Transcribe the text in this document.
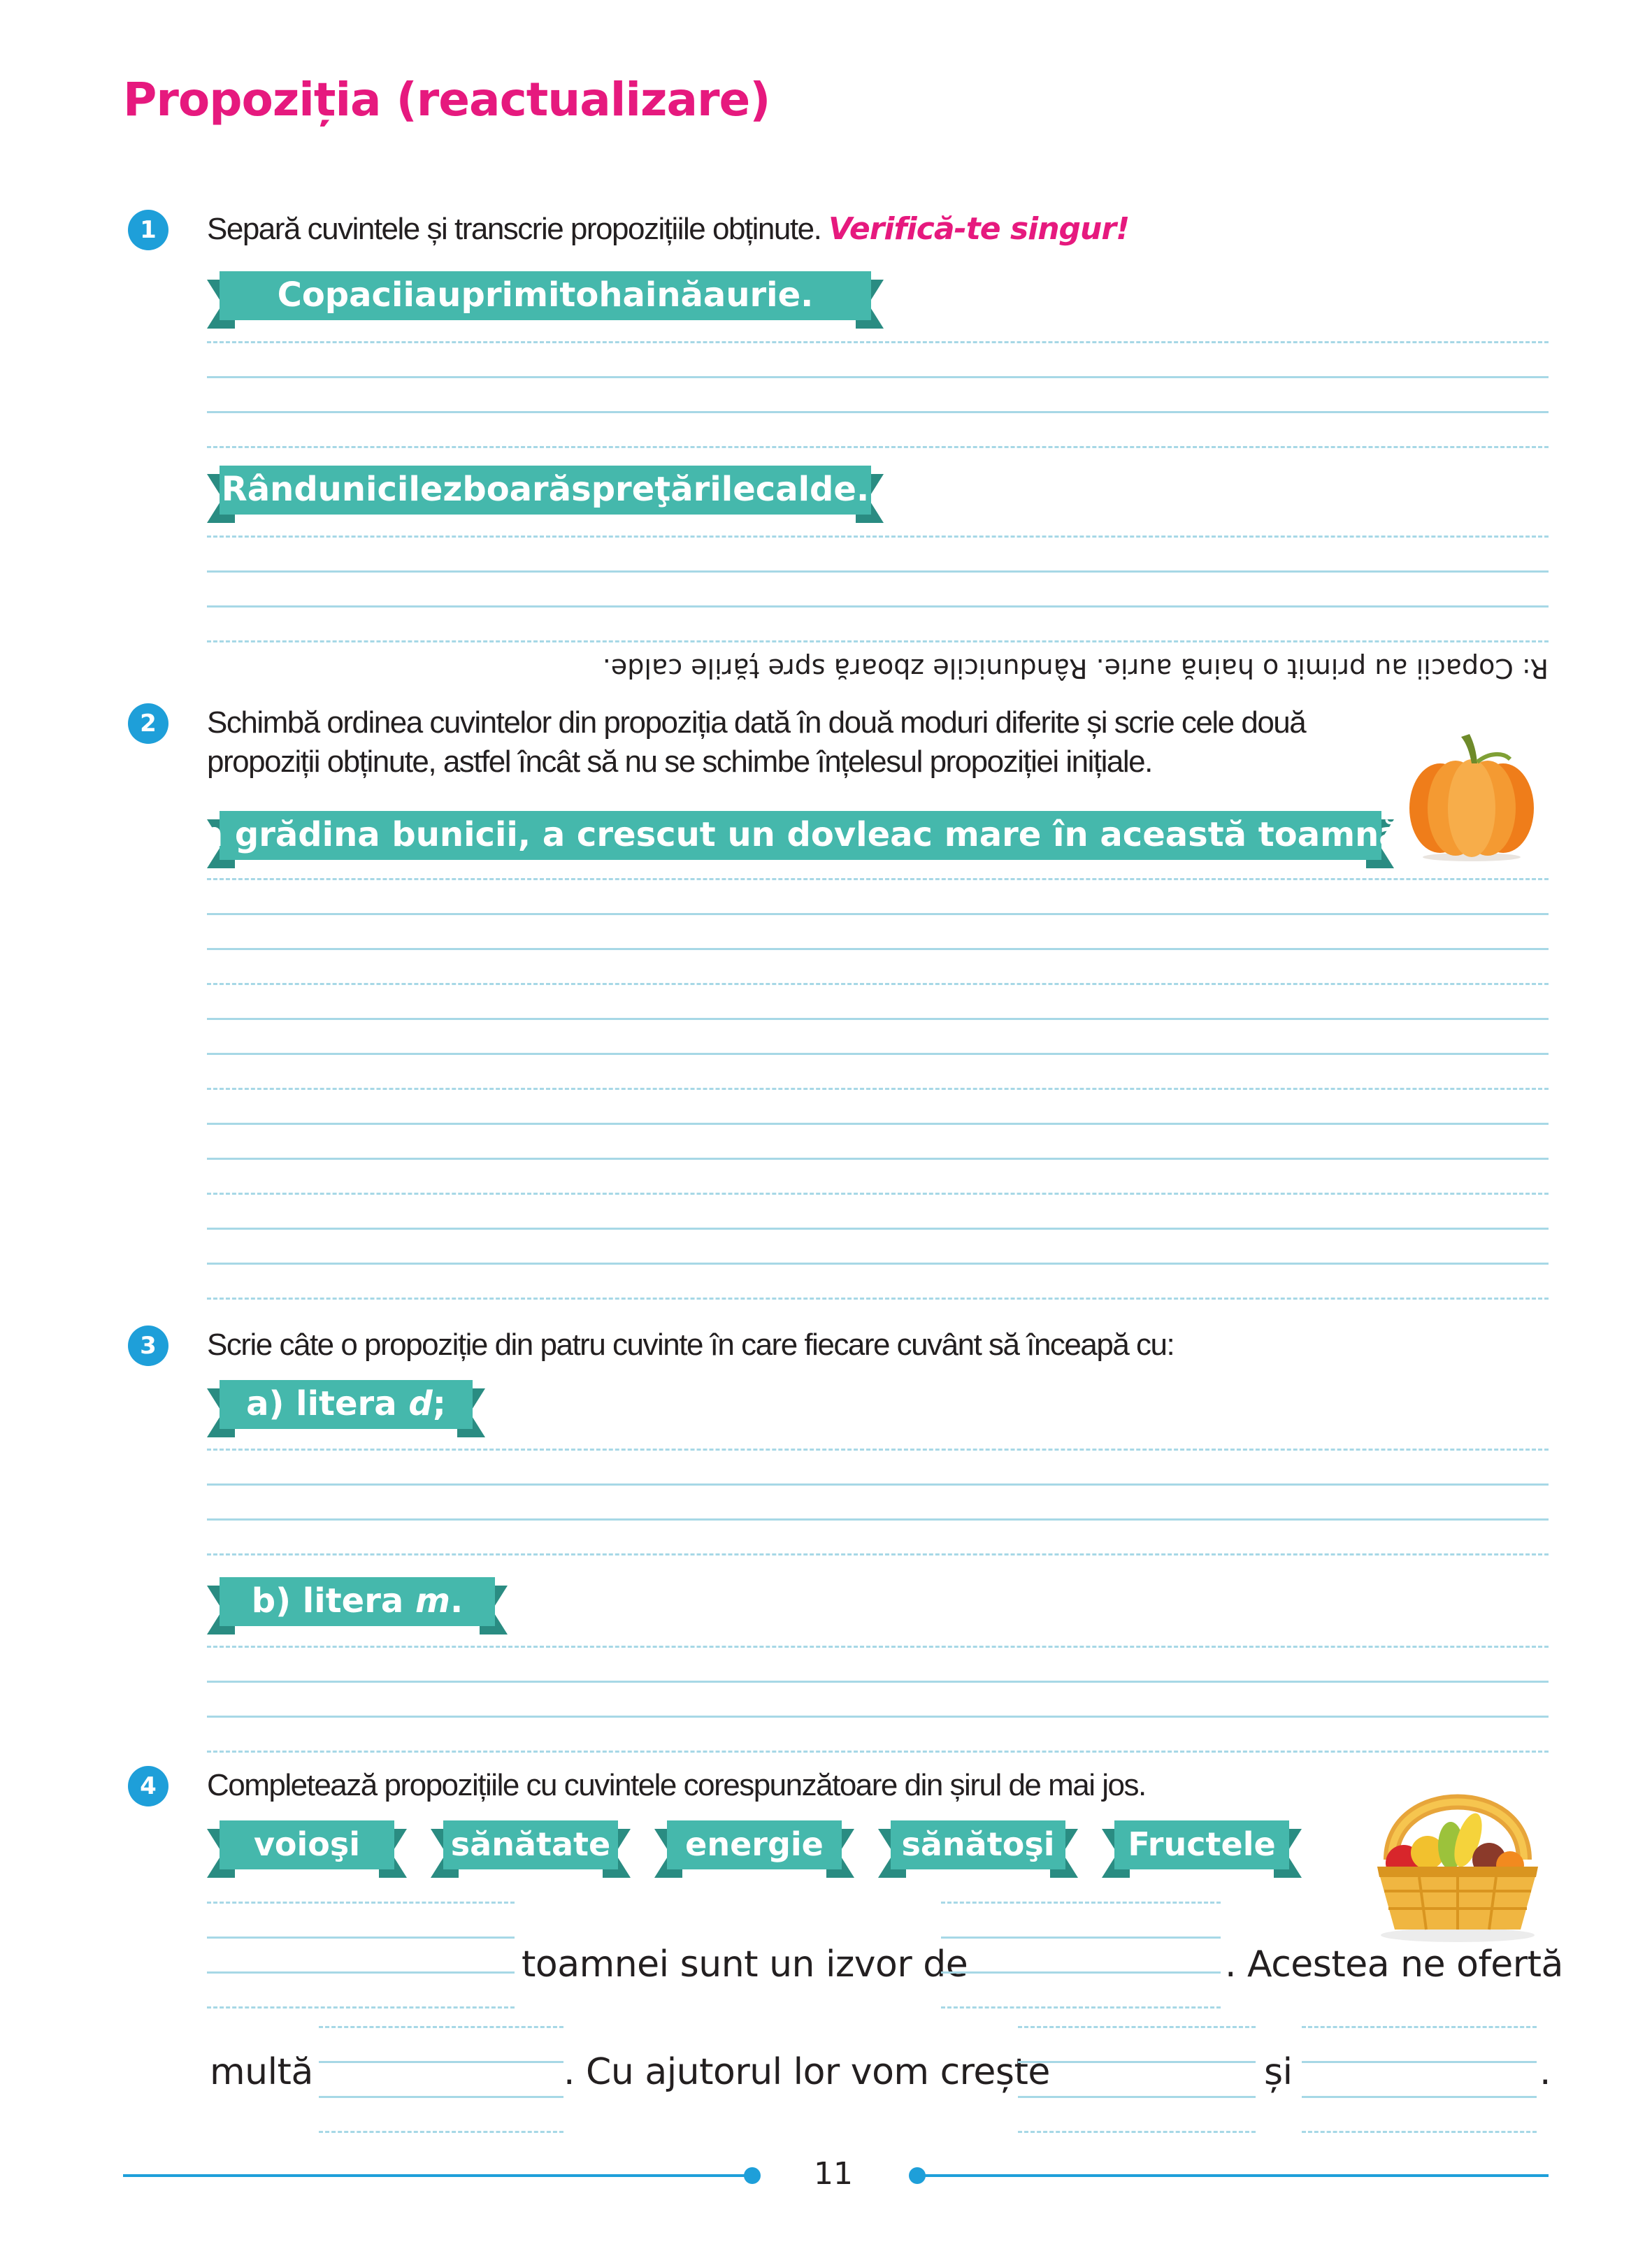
Propoziția (reactualizare)
1	Separă cuvintele și transcrie propozițiile obținute. Verifică-te singur!
Copaciiauprimitohainăaurie.
Rândunicilezboarăspreţărilecalde.
R: Copacii au primit o haină aurie. Rândunicile zboară spre țările calde.
2	Schimbă ordinea cuvintelor din propoziția dată în două moduri diferite și scrie cele două
propoziții obținute, astfel încât să nu se schimbe înțelesul propoziției inițiale.
În grădina bunicii, a crescut un dovleac mare în această toamnă.
3	Scrie câte o propoziție din patru cuvinte în care fiecare cuvânt să înceapă cu:
a) litera d;
b) litera m.
4	Completează propozițiile cu cuvintele corespunzătoare din șirul de mai jos.
voioşi	sănătate energie sănătoşi Fructele
toamnei sunt un izvor de	. Acestea ne ofertă
multă	. Cu ajutorul lor vom crește	și	.
11
